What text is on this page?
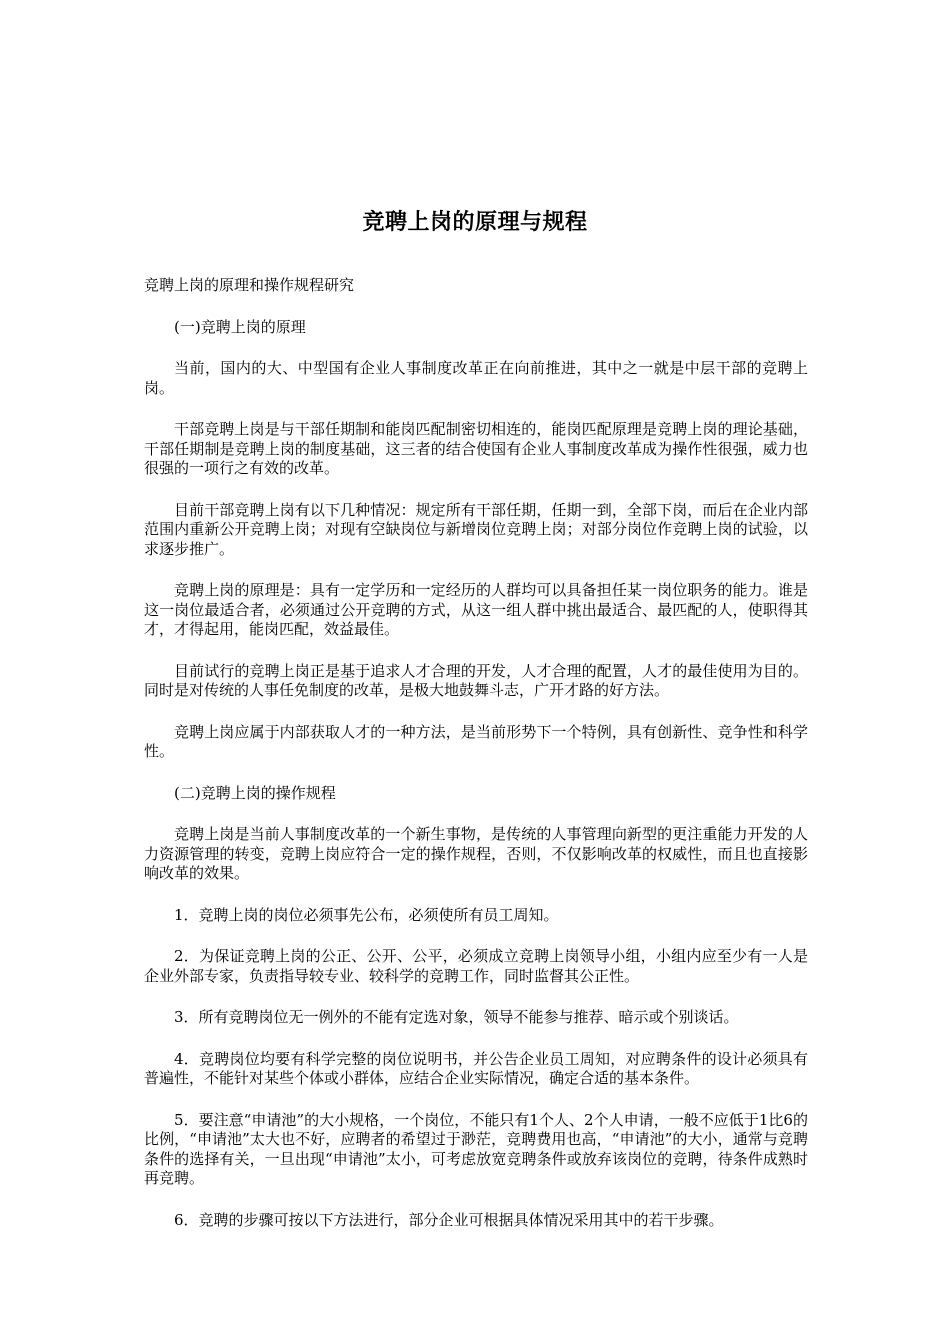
竞聘上岗的原理与规程

竞聘上岗的原理和操作规程研究

(一)竞聘上岗的原理

当前，国内的大、中型国有企业人事制度改革正在向前推进，其中之一就是中层干部的竞聘上岗。

干部竞聘上岗是与干部任期制和能岗匹配制密切相连的，能岗匹配原理是竞聘上岗的理论基础，干部任期制是竞聘上岗的制度基础，这三者的结合使国有企业人事制度改革成为操作性很强，威力也很强的一项行之有效的改革。

目前干部竞聘上岗有以下几种情况：规定所有干部任期，任期一到，全部下岗，而后在企业内部范围内重新公开竞聘上岗；对现有空缺岗位与新增岗位竞聘上岗；对部分岗位作竞聘上岗的试验，以求逐步推广。

竞聘上岗的原理是：具有一定学历和一定经历的人群均可以具备担任某一岗位职务的能力。谁是这一岗位最适合者，必须通过公开竞聘的方式，从这一组人群中挑出最适合、最匹配的人，使职得其才，才得起用，能岗匹配，效益最佳。

目前试行的竞聘上岗正是基于追求人才合理的开发，人才合理的配置，人才的最佳使用为目的。同时是对传统的人事任免制度的改革，是极大地鼓舞斗志，广开才路的好方法。

竞聘上岗应属于内部获取人才的一种方法，是当前形势下一个特例，具有创新性、竞争性和科学性。

(二)竞聘上岗的操作规程

竞聘上岗是当前人事制度改革的一个新生事物，是传统的人事管理向新型的更注重能力开发的人力资源管理的转变，竞聘上岗应符合一定的操作规程，否则，不仅影响改革的权威性，而且也直接影响改革的效果。

1．竞聘上岗的岗位必须事先公布，必须使所有员工周知。

2．为保证竞聘上岗的公正、公开、公平，必须成立竞聘上岗领导小组，小组内应至少有一人是企业外部专家，负责指导较专业、较科学的竞聘工作，同时监督其公正性。

3．所有竞聘岗位无一例外的不能有定选对象，领导不能参与推荐、暗示或个别谈话。

4．竞聘岗位均要有科学完整的岗位说明书，并公告企业员工周知，对应聘条件的设计必须具有普遍性，不能针对某些个体或小群体，应结合企业实际情况，确定合适的基本条件。

5．要注意“申请池”的大小规格，一个岗位，不能只有1个人、2个人申请，一般不应低于1比6的比例，“申请池”太大也不好，应聘者的希望过于渺茫，竞聘费用也高，“申请池”的大小，通常与竞聘条件的选择有关，一旦出现“申请池”太小，可考虑放宽竞聘条件或放弃该岗位的竞聘，待条件成熟时再竞聘。

6．竞聘的步骤可按以下方法进行，部分企业可根据具体情况采用其中的若干步骤。
